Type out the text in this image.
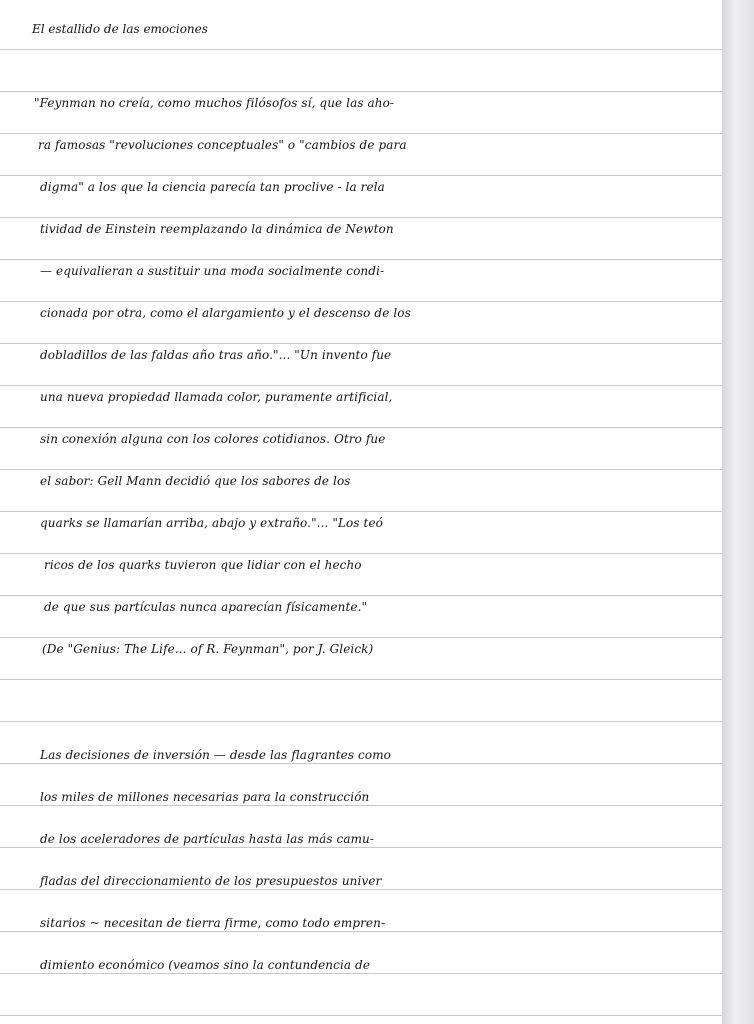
El estallido de las emociones
"Feynman no creía, como muchos filósofos sí, que las aho-
ra famosas "revoluciones conceptuales" o "cambios de para
digma" a los que la ciencia parecía tan proclive - la rela
tividad de Einstein reemplazando la dinámica de Newton
— equivalieran a sustituir una moda socialmente condi-
cionada por otra, como el alargamiento y el descenso de los
dobladillos de las faldas año tras año."... "Un invento fue
una nueva propiedad llamada color, puramente artificial,
sin conexión alguna con los colores cotidianos. Otro fue
el sabor: Gell Mann decidió que los sabores de los
quarks se llamarían arriba, abajo y extraño."... "Los teó
ricos de los quarks tuvieron que lidiar con el hecho
de que sus partículas nunca aparecían físicamente."
(De "Genius: The Life... of R. Feynman", por J. Gleick)
Las decisiones de inversión — desde las flagrantes como
los miles de millones necesarias para la construcción
de los aceleradores de partículas hasta las más camu-
fladas del direccionamiento de los presupuestos univer
sitarios ~ necesitan de tierra firme, como todo empren-
dimiento económico (veamos sino la contundencia de
